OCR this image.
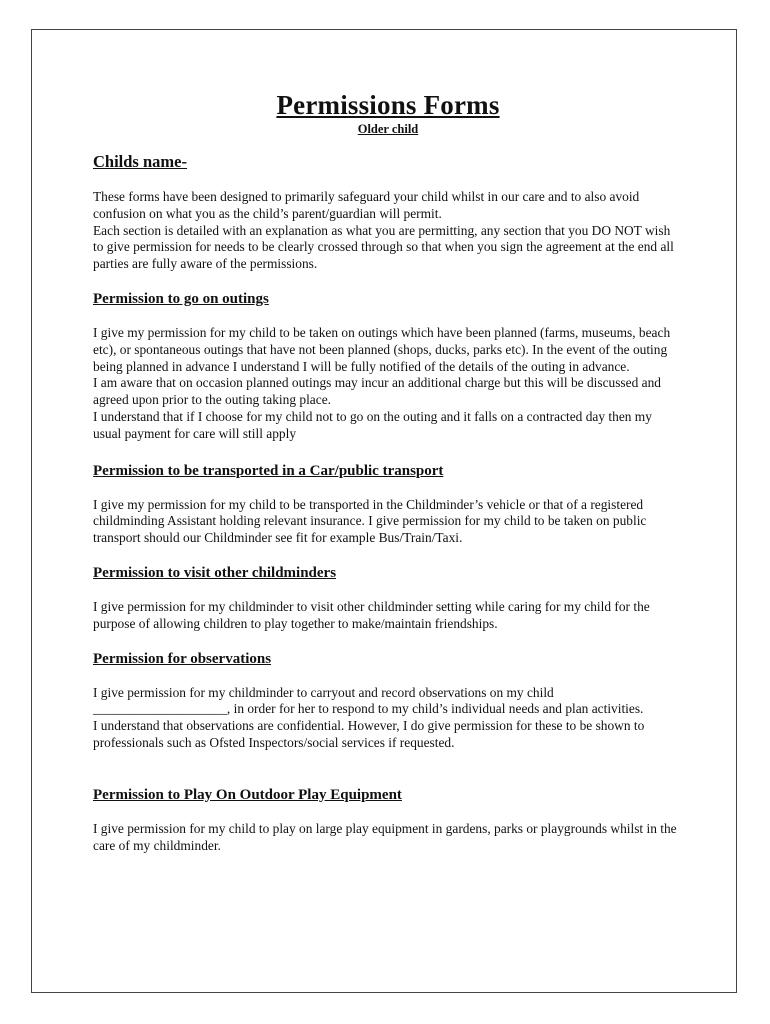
Permissions Forms
Older child
Childs name-

These forms have been designed to primarily safeguard your child whilst in our care and to also avoid confusion on what you as the child’s parent/guardian will permit.

Each section is detailed with an explanation as what you are permitting, any section that you DO NOT wish to give permission for needs to be clearly crossed through so that when you sign the agreement at the end all parties are fully aware of the permissions.

Permission to go on outings

I give my permission for my child to be taken on outings which have been planned (farms, museums, beach etc), or spontaneous outings that have not been planned (shops, ducks, parks etc). In the event of the outing being planned in advance I understand I will be fully notified of the details of the outing in advance.

I am aware that on occasion planned outings may incur an additional charge but this will be discussed and agreed upon prior to the outing taking place.

I understand that if I choose for my child not to go on the outing and it falls on a contracted day then my usual payment for care will still apply

Permission to be transported in a Car/public transport

I give my permission for my child to be transported in the Childminder’s vehicle or that of a registered childminding Assistant holding relevant insurance. I give permission for my child to be taken on public transport should our Childminder see fit for example Bus/Train/Taxi.

Permission to visit other childminders

I give permission for my childminder to visit other childminder setting while caring for my child for the purpose of allowing children to play together to make/maintain friendships.

Permission for observations

I give permission for my childminder to carryout and record observations on my child ____________________, in order for her to respond to my child’s individual needs and plan activities.

I understand that observations are confidential. However, I do give permission for these to be shown to professionals such as Ofsted Inspectors/social services if requested.

Permission to Play On Outdoor Play Equipment

I give permission for my child to play on large play equipment in gardens, parks or playgrounds whilst in the care of my childminder.
